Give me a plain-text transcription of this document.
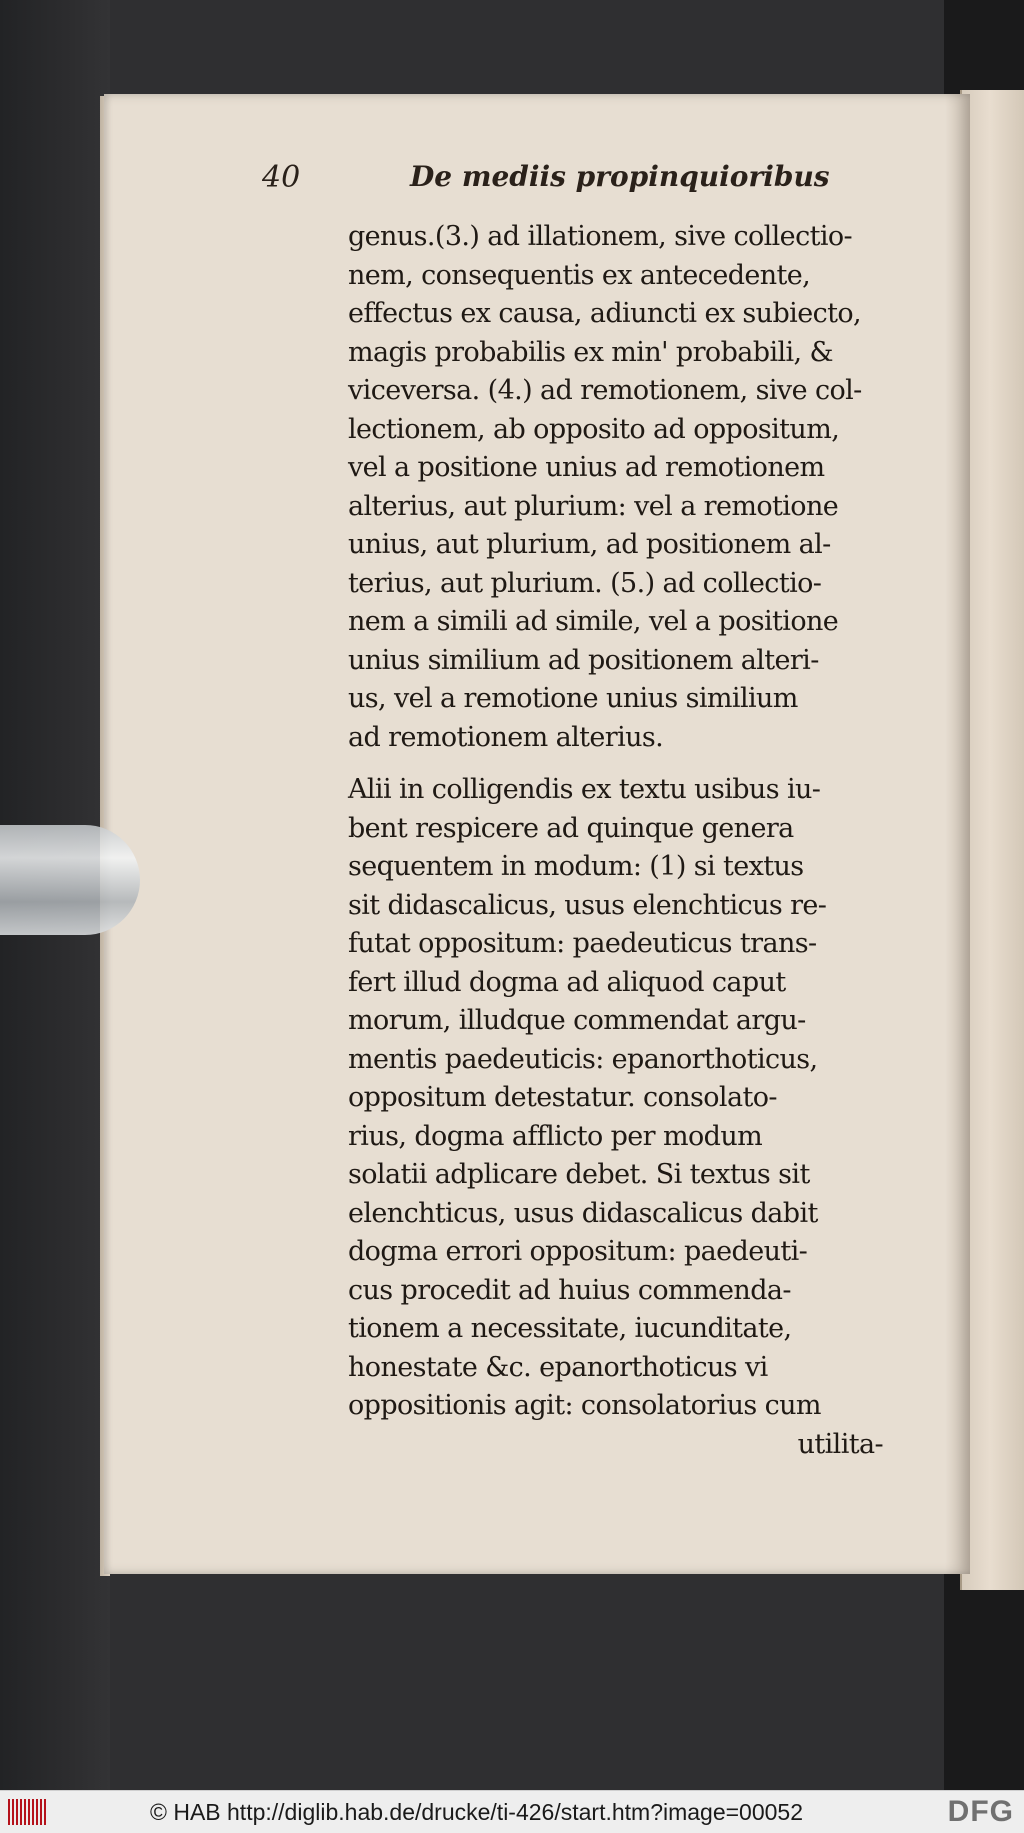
40	De mediis propinquioribus
genus.(3.) ad illationem, sive collectio-
nem, consequentis ex antecedente,
effectus ex causa, adiuncti ex subiecto,
magis probabilis ex min' probabili, &
viceversa. (4.) ad remotionem, sive col-
lectionem, ab opposito ad oppositum,
vel a positione unius ad remotionem
alterius, aut plurium: vel a remotione
unius, aut plurium, ad positionem al-
terius, aut plurium. (5.) ad collectio-
nem a simili ad simile, vel a positione
unius similium ad positionem alteri-
us, vel a remotione unius similium
ad remotionem alterius.
Alii in colligendis ex textu usibus iu-
bent respicere ad quinque genera
sequentem in modum: (1) si textus
sit didascalicus, usus elenchticus re-
futat oppositum: paedeuticus trans-
fert illud dogma ad aliquod caput
morum, illudque commendat argu-
mentis paedeuticis: epanorthoticus,
oppositum detestatur. consolato-
rius, dogma afflicto per modum
solatii adplicare debet. Si textus sit
elenchticus, usus didascalicus dabit
dogma errori oppositum: paedeuti-
cus procedit ad huius commenda-
tionem a necessitate, iucunditate,
honestate &c. epanorthoticus vi
oppositionis agit: consolatorius cum
utilita-
© HAB http://diglib.hab.de/drucke/ti-426/start.htm?image=00052	DFG
